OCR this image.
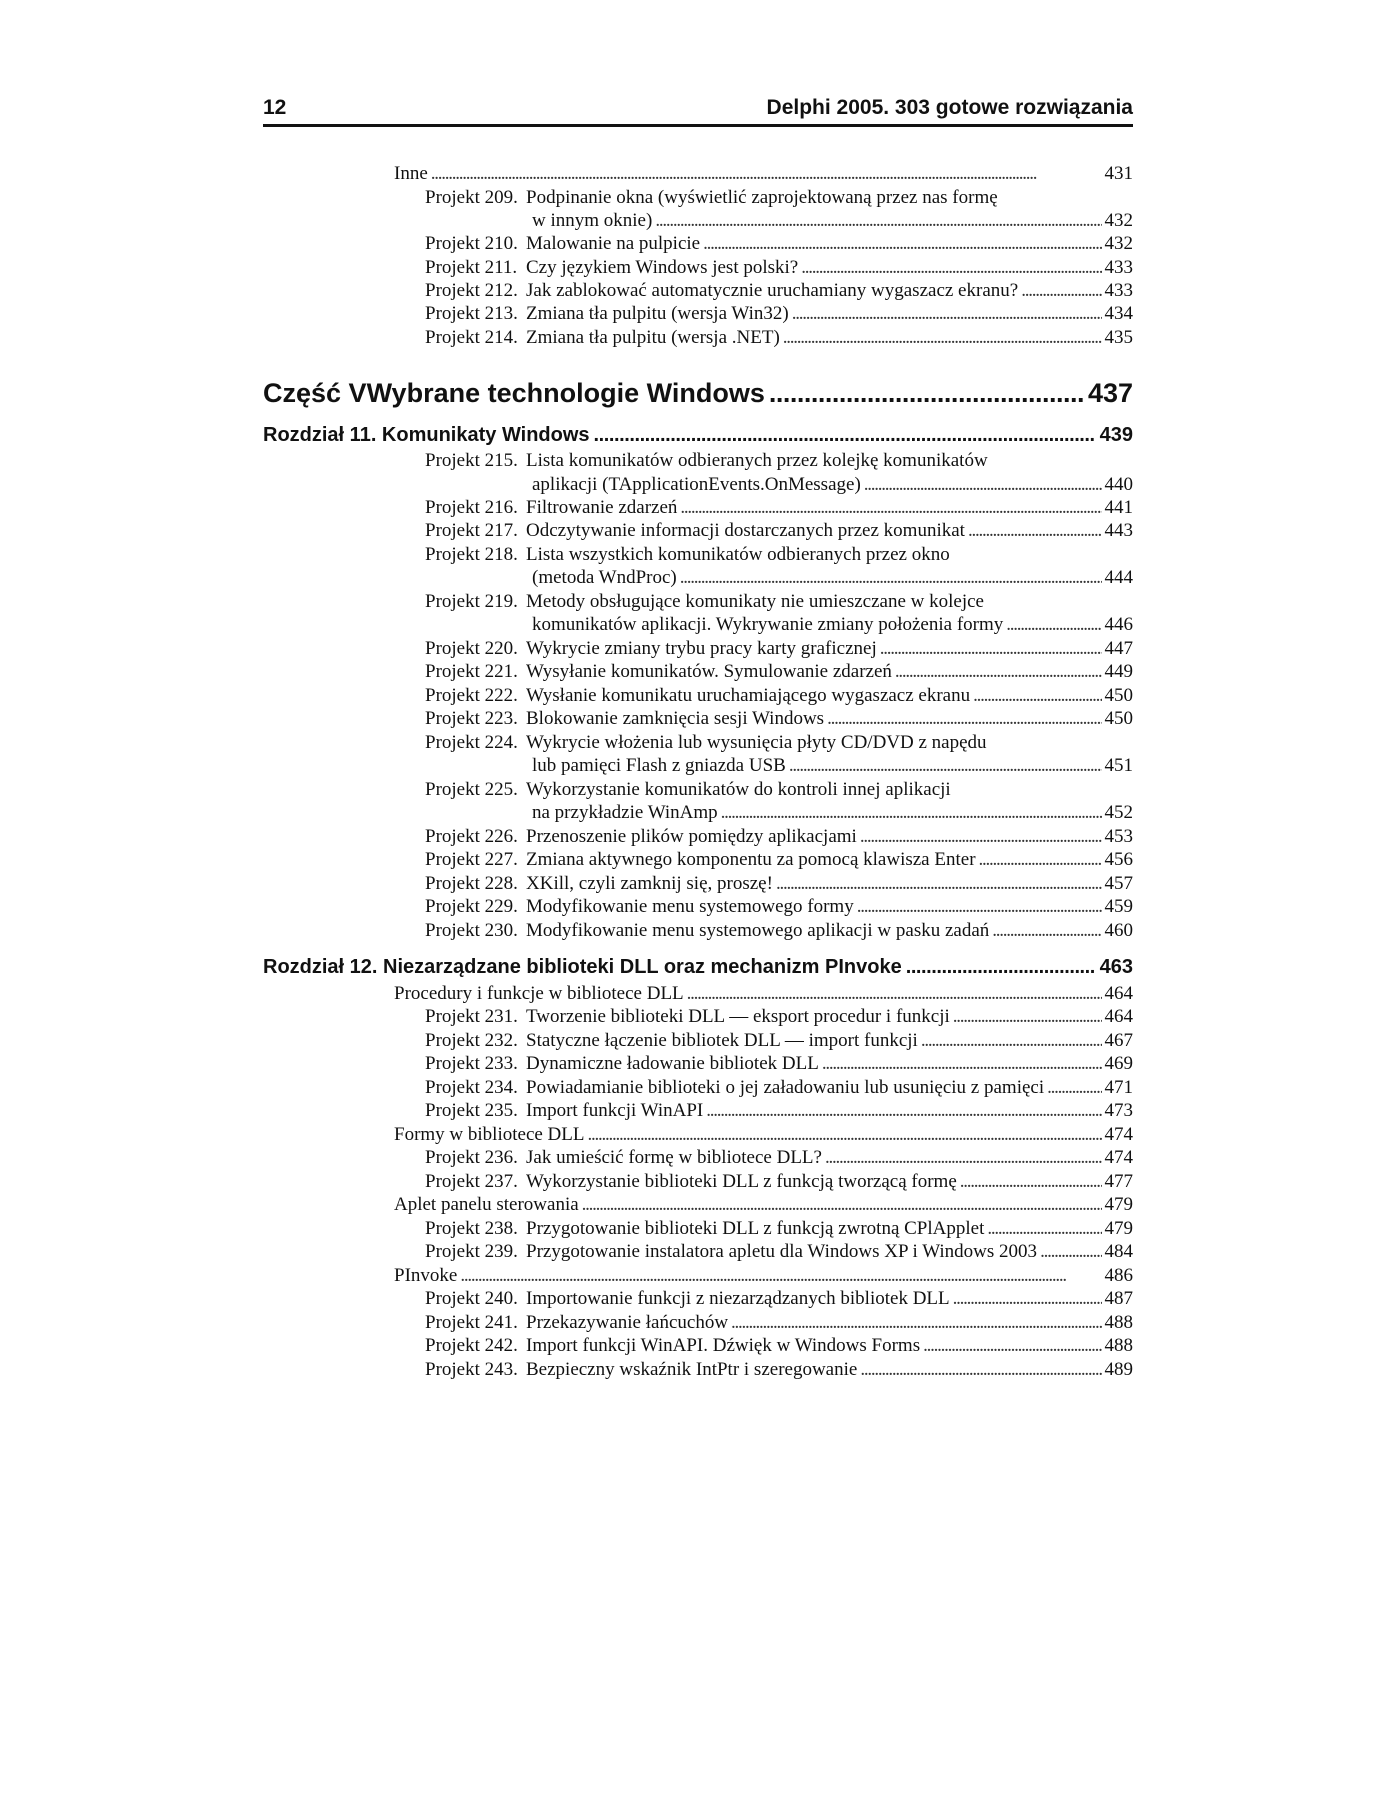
12	Delphi 2005. 303 gotowe rozwiązania
Inne . . .	431
Projekt 209. Podpinanie okna (wyświetlić zaprojektowaną przez nas formę
w innym oknie) . . .	432
Projekt 210. Malowanie na pulpicie . . .	432
Projekt 211. Czy językiem Windows jest polski? . . .	433
Projekt 212. Jak zablokować automatycznie uruchamiany wygaszacz ekranu? . . .	433
Projekt 213. Zmiana tła pulpitu (wersja Win32) . . .	434
Projekt 214. Zmiana tła pulpitu (wersja .NET) . . .	435
Część V Wybrane technologie Windows . . .	437
Rozdział 11. Komunikaty Windows . . .	439
Projekt 215. Lista komunikatów odbieranych przez kolejkę komunikatów
aplikacji (TApplicationEvents.OnMessage) . . .	440
Projekt 216. Filtrowanie zdarzeń . . .	441
Projekt 217. Odczytywanie informacji dostarczanych przez komunikat . . .	443
Projekt 218. Lista wszystkich komunikatów odbieranych przez okno
(metoda WndProc) . . .	444
Projekt 219. Metody obsługujące komunikaty nie umieszczane w kolejce
komunikatów aplikacji. Wykrywanie zmiany położenia formy . . .	446
Projekt 220. Wykrycie zmiany trybu pracy karty graficznej . . .	447
Projekt 221. Wysyłanie komunikatów. Symulowanie zdarzeń . . .	449
Projekt 222. Wysłanie komunikatu uruchamiającego wygaszacz ekranu . . .	450
Projekt 223. Blokowanie zamknięcia sesji Windows . . .	450
Projekt 224. Wykrycie włożenia lub wysunięcia płyty CD/DVD z napędu
lub pamięci Flash z gniazda USB . . .	451
Projekt 225. Wykorzystanie komunikatów do kontroli innej aplikacji
na przykładzie WinAmp . . .	452
Projekt 226. Przenoszenie plików pomiędzy aplikacjami . . .	453
Projekt 227. Zmiana aktywnego komponentu za pomocą klawisza Enter . . .	456
Projekt 228. XKill, czyli zamknij się, proszę! . . .	457
Projekt 229. Modyfikowanie menu systemowego formy . . .	459
Projekt 230. Modyfikowanie menu systemowego aplikacji w pasku zadań . . .	460
Rozdział 12. Niezarządzane biblioteki DLL oraz mechanizm PInvoke . . .	463
Procedury i funkcje w bibliotece DLL . . .	464
Projekt 231. Tworzenie biblioteki DLL — eksport procedur i funkcji . . .	464
Projekt 232. Statyczne łączenie bibliotek DLL — import funkcji . . .	467
Projekt 233. Dynamiczne ładowanie bibliotek DLL . . .	469
Projekt 234. Powiadamianie biblioteki o jej załadowaniu lub usunięciu z pamięci . . .	471
Projekt 235. Import funkcji WinAPI . . .	473
Formy w bibliotece DLL . . .	474
Projekt 236. Jak umieścić formę w bibliotece DLL? . . .	474
Projekt 237. Wykorzystanie biblioteki DLL z funkcją tworzącą formę . . .	477
Aplet panelu sterowania . . .	479
Projekt 238. Przygotowanie biblioteki DLL z funkcją zwrotną CPlApplet . . .	479
Projekt 239. Przygotowanie instalatora apletu dla Windows XP i Windows 2003 . . .	484
PInvoke . . .	486
Projekt 240. Importowanie funkcji z niezarządzanych bibliotek DLL . . .	487
Projekt 241. Przekazywanie łańcuchów . . .	488
Projekt 242. Import funkcji WinAPI. Dźwięk w Windows Forms . . .	488
Projekt 243. Bezpieczny wskaźnik IntPtr i szeregowanie . . .	489
